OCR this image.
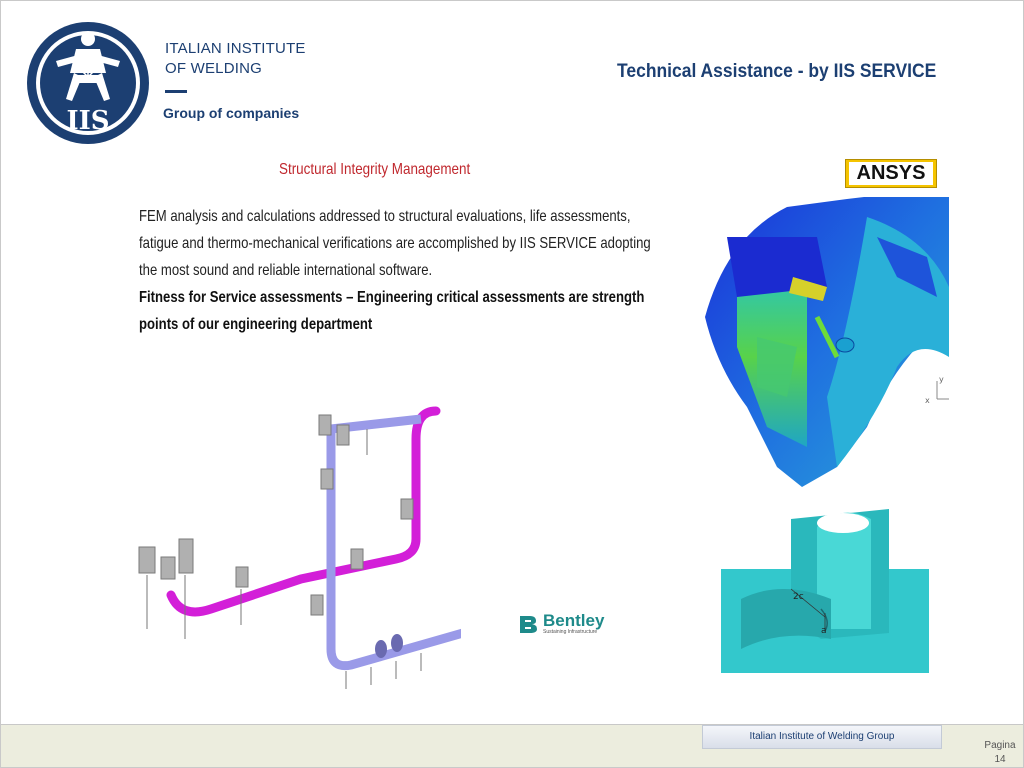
IIS
ITALIAN INSTITUTE
OF WELDING
Group of companies
Technical Assistance - by IIS SERVICE
Structural Integrity Management
FEM analysis and calculations addressed to structural evaluations, life assessments, fatigue and thermo-mechanical verifications are accomplished by IIS SERVICE adopting the most sound and reliable international software.
Fitness for Service assessments – Engineering critical assessments are strength points of our engineering department
ANSYS
x
y
2c
a
Bentley
Sustaining Infrastructure
Italian Institute of Welding Group
Pagina
14
